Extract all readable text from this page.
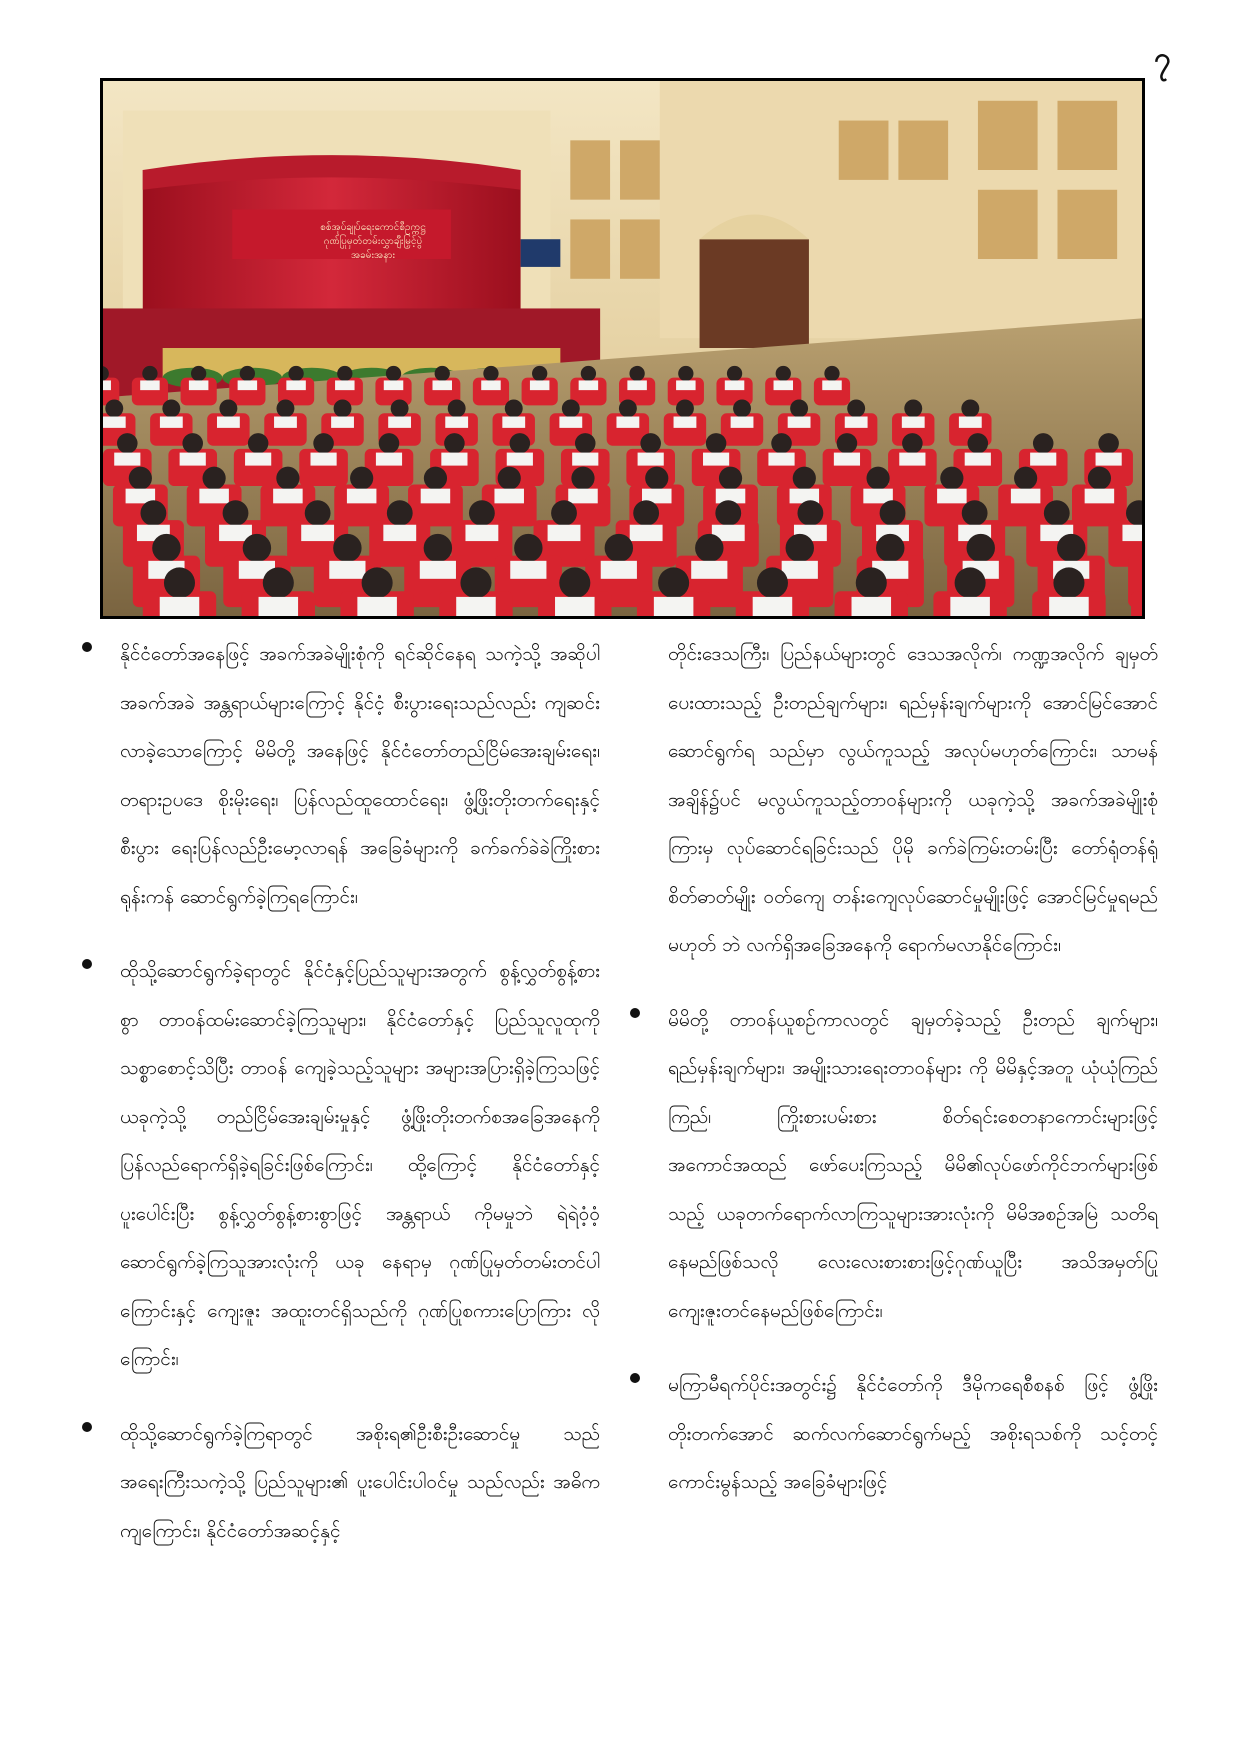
၇
စစ်အုပ်ချုပ်ရေးကောင်စီဥက္ကဋ္ဌ
ဂုဏ်ပြုမှတ်တမ်းလွှာချီးမြှင့်ပွဲ
အခမ်းအနား

နိုင်ငံတော်အနေဖြင့် အခက်အခဲမျိုးစုံကို ရင်ဆိုင်နေရ သကဲ့သို့ အဆိုပါအခက်အခဲ အန္တရာယ်များကြောင့် နိုင်ငံ့ စီးပွားရေးသည်လည်း ကျဆင်းလာခဲ့သောကြောင့် မိမိတို့ အနေဖြင့် နိုင်ငံတော်တည်ငြိမ်အေးချမ်းရေး၊ တရားဥပဒေ စိုးမိုးရေး၊ ပြန်လည်ထူထောင်ရေး၊ ဖွံ့ဖြိုးတိုးတက်ရေးနှင့် စီးပွား ရေးပြန်လည်ဦးမော့လာရန် အခြေခံများကို ခက်ခက်ခဲခဲကြိုးစားရုန်းကန် ဆောင်ရွက်ခဲ့ကြရကြောင်း၊

ထိုသို့ဆောင်ရွက်ခဲ့ရာတွင် နိုင်ငံနှင့်ပြည်သူများအတွက် စွန့်လွှတ်စွန့်စားစွာ တာဝန်ထမ်းဆောင်ခဲ့ကြသူများ၊ နိုင်ငံတော်နှင့် ပြည်သူလူထုကို သစ္စာစောင့်သိပြီး တာဝန် ကျေခဲ့သည့်သူများ အများအပြားရှိခဲ့ကြသဖြင့် ယခုကဲ့သို့ တည်ငြိမ်အေးချမ်းမှုနှင့် ဖွံ့ဖြိုးတိုးတက်စအခြေအနေကို ပြန်လည်ရောက်ရှိခဲ့ရခြင်းဖြစ်ကြောင်း၊ ထို့ကြောင့် နိုင်ငံတော်နှင့် ပူးပေါင်းပြီး စွန့်လွှတ်စွန့်စားစွာဖြင့် အန္တရာယ် ကိုမမှုဘဲ ရဲရဲဝံ့ဝံ့ဆောင်ရွက်ခဲ့ကြသူအားလုံးကို ယခု နေရာမှ ဂုဏ်ပြုမှတ်တမ်းတင်ပါကြောင်းနှင့် ကျေးဇူး အထူးတင်ရှိသည်ကို ဂုဏ်ပြုစကားပြောကြား လိုကြောင်း၊

ထိုသို့ဆောင်ရွက်ခဲ့ကြရာတွင် အစိုးရ၏ဦးစီးဦးဆောင်မှု သည် အရေးကြီးသကဲ့သို့ ပြည်သူများ၏ ပူးပေါင်းပါဝင်မှု သည်လည်း အဓိကကျကြောင်း၊ နိုင်ငံတော်အဆင့်နှင့်

တိုင်းဒေသကြီး၊ ပြည်နယ်များတွင် ဒေသအလိုက်၊ ကဏ္ဍအလိုက် ချမှတ်ပေးထားသည့် ဦးတည်ချက်များ၊ ရည်မှန်းချက်များကို အောင်မြင်အောင် ဆောင်ရွက်ရ သည်မှာ လွယ်ကူသည့် အလုပ်မဟုတ်ကြောင်း၊ သာမန် အချိန်၌ပင် မလွယ်ကူသည့်တာဝန်များကို ယခုကဲ့သို့ အခက်အခဲမျိုးစုံကြားမှ လုပ်ဆောင်ရခြင်းသည် ပိုမို ခက်ခဲကြမ်းတမ်းပြီး တော်ရုံတန်ရုံစိတ်ဓာတ်မျိုး ဝတ်ကျေ တန်းကျေလုပ်ဆောင်မှုမျိုးဖြင့် အောင်မြင်မှုရမည် မဟုတ် ဘဲ လက်ရှိအခြေအနေကို ရောက်မလာနိုင်ကြောင်း၊

မိမိတို့ တာဝန်ယူစဉ်ကာလတွင် ချမှတ်ခဲ့သည့် ဦးတည် ချက်များ၊ ရည်မှန်းချက်များ၊ အမျိုးသားရေးတာဝန်များ ကို မိမိနှင့်အတူ ယုံယုံကြည်ကြည်၊ ကြိုးစားပမ်းစား စိတ်ရင်းစေတနာကောင်းများဖြင့် အကောင်အထည် ဖော်ပေးကြသည့် မိမိ၏လုပ်ဖော်ကိုင်ဘက်များဖြစ်သည့် ယခုတက်ရောက်လာကြသူများအားလုံးကို မိမိအစဉ်အမြဲ သတိရနေမည်ဖြစ်သလို လေးလေးစားစားဖြင့်ဂုဏ်ယူပြီး အသိအမှတ်ပြုကျေးဇူးတင်နေမည်ဖြစ်ကြောင်း၊

မကြာမီရက်ပိုင်းအတွင်း၌ နိုင်ငံတော်ကို ဒီမိုကရေစီစနစ် ဖြင့် ဖွံ့ဖြိုးတိုးတက်အောင် ဆက်လက်ဆောင်ရွက်မည့် အစိုးရသစ်ကို သင့်တင့်ကောင်းမွန်သည့် အခြေခံများဖြင့်
